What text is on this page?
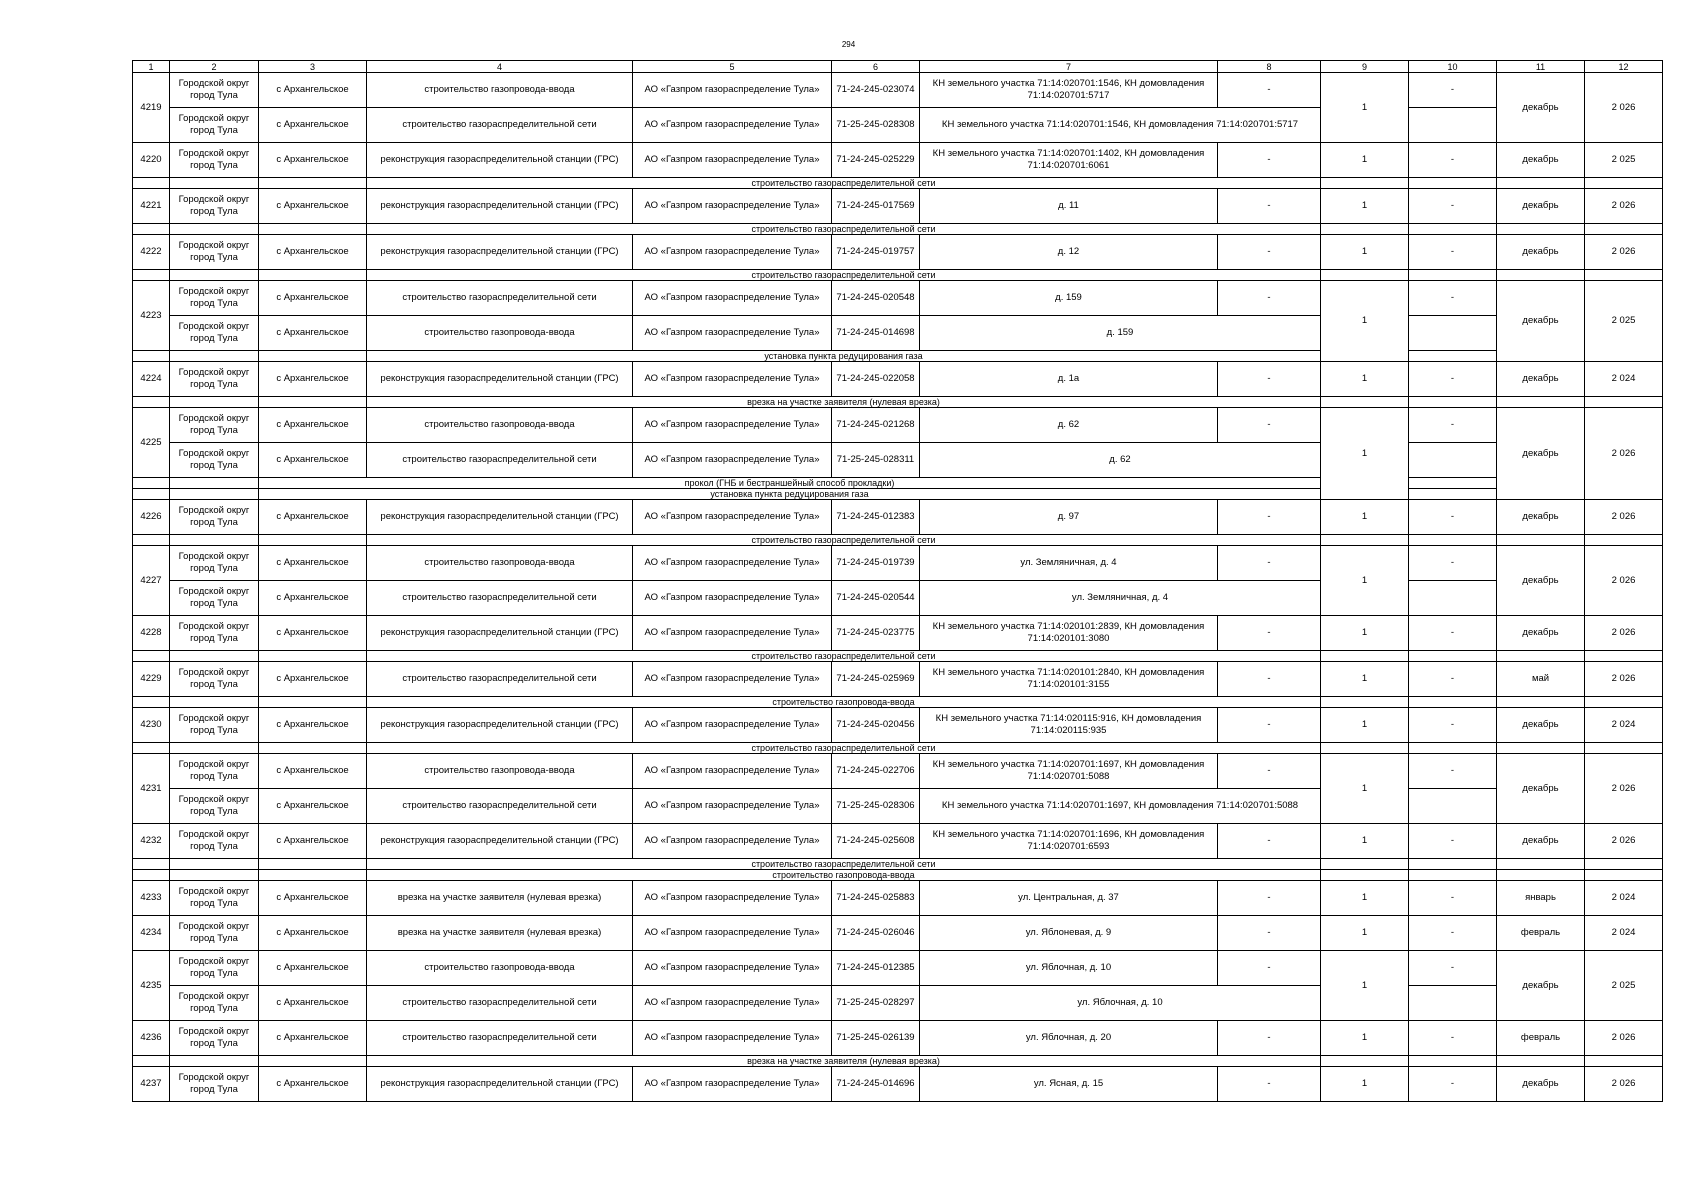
294
1	2	3	4	5	6	7	8	9	10	11	12
4219	Городской округ город Тула	с Архангельское	строительство газопровода-ввода	АО «Газпром газораспределение Тула»	71-24-245-023074	КН земельного участка 71:14:020701:1546, КН домовладения 71:14:020701:5717	-	1	-	декабрь	2 026
	Городской округ город Тула	с Архангельское	строительство газораспределительной сети	АО «Газпром газораспределение Тула»	71-25-245-028308	КН земельного участка 71:14:020701:1546, КН домовладения 71:14:020701:5717					
4220	Городской округ город Тула	с Архангельское	реконструкция газораспределительной станции (ГРС)	АО «Газпром газораспределение Тула»	71-24-245-025229	КН земельного участка 71:14:020701:1402, КН домовладения 71:14:020701:6061	-	1	-	декабрь	2 025
			строительство газораспределительной сети								
4221	Городской округ город Тула	с Архангельское	реконструкция газораспределительной станции (ГРС)	АО «Газпром газораспределение Тула»	71-24-245-017569	д. 11	-	1	-	декабрь	2 026
			строительство газораспределительной сети								
4222	Городской округ город Тула	с Архангельское	реконструкция газораспределительной станции (ГРС)	АО «Газпром газораспределение Тула»	71-24-245-019757	д. 12	-	1	-	декабрь	2 026
			строительство газораспределительной сети								
4223	Городской округ город Тула	с Архангельское	строительство газораспределительной сети	АО «Газпром газораспределение Тула»	71-24-245-020548	д. 159	-	1	-	декабрь	2 025
	Городской округ город Тула	с Архангельское	строительство газопровода-ввода	АО «Газпром газораспределение Тула»	71-24-245-014698	д. 159					
			установка пункта редуцирования газа								
4224	Городской округ город Тула	с Архангельское	реконструкция газораспределительной станции (ГРС)	АО «Газпром газораспределение Тула»	71-24-245-022058	д. 1а	-	1	-	декабрь	2 024
			врезка на участке заявителя (нулевая врезка)								
4225	Городской округ город Тула	с Архангельское	строительство газопровода-ввода	АО «Газпром газораспределение Тула»	71-24-245-021268	д. 62	-	1	-	декабрь	2 026
	Городской округ город Тула	с Архангельское	строительство газораспределительной сети	АО «Газпром газораспределение Тула»	71-25-245-028311	д. 62					
		прокол (ГНБ и бестраншейный способ прокладки)									
		установка пункта редуцирования газа									
4226	Городской округ город Тула	с Архангельское	реконструкция газораспределительной станции (ГРС)	АО «Газпром газораспределение Тула»	71-24-245-012383	д. 97	-	1	-	декабрь	2 026
			строительство газораспределительной сети								
4227	Городской округ город Тула	с Архангельское	строительство газопровода-ввода	АО «Газпром газораспределение Тула»	71-24-245-019739	ул. Земляничная, д. 4	-	1	-	декабрь	2 026
	Городской округ город Тула	с Архангельское	строительство газораспределительной сети	АО «Газпром газораспределение Тула»	71-24-245-020544	ул. Земляничная, д. 4					
4228	Городской округ город Тула	с Архангельское	реконструкция газораспределительной станции (ГРС)	АО «Газпром газораспределение Тула»	71-24-245-023775	КН земельного участка 71:14:020101:2839, КН домовладения 71:14:020101:3080	-	1	-	декабрь	2 026
			строительство газораспределительной сети								
4229	Городской округ город Тула	с Архангельское	строительство газораспределительной сети	АО «Газпром газораспределение Тула»	71-24-245-025969	КН земельного участка 71:14:020101:2840, КН домовладения 71:14:020101:3155	-	1	-	май	2 026
			строительство газопровода-ввода								
4230	Городской округ город Тула	с Архангельское	реконструкция газораспределительной станции (ГРС)	АО «Газпром газораспределение Тула»	71-24-245-020456	КН земельного участка 71:14:020115:916, КН домовладения 71:14:020115:935	-	1	-	декабрь	2 024
			строительство газораспределительной сети								
4231	Городской округ город Тула	с Архангельское	строительство газопровода-ввода	АО «Газпром газораспределение Тула»	71-24-245-022706	КН земельного участка 71:14:020701:1697, КН домовладения 71:14:020701:5088	-	1	-	декабрь	2 026
	Городской округ город Тула	с Архангельское	строительство газораспределительной сети	АО «Газпром газораспределение Тула»	71-25-245-028306	КН земельного участка 71:14:020701:1697, КН домовладения 71:14:020701:5088					
4232	Городской округ город Тула	с Архангельское	реконструкция газораспределительной станции (ГРС)	АО «Газпром газораспределение Тула»	71-24-245-025608	КН земельного участка 71:14:020701:1696, КН домовладения 71:14:020701:6593	-	1	-	декабрь	2 026
			строительство газораспределительной сети								
			строительство газопровода-ввода								
4233	Городской округ город Тула	с Архангельское	врезка на участке заявителя (нулевая врезка)	АО «Газпром газораспределение Тула»	71-24-245-025883	ул. Центральная, д. 37	-	1	-	январь	2 024
4234	Городской округ город Тула	с Архангельское	врезка на участке заявителя (нулевая врезка)	АО «Газпром газораспределение Тула»	71-24-245-026046	ул. Яблоневая, д. 9	-	1	-	февраль	2 024
4235	Городской округ город Тула	с Архангельское	строительство газопровода-ввода	АО «Газпром газораспределение Тула»	71-24-245-012385	ул. Яблочная, д. 10	-	1	-	декабрь	2 025
	Городской округ город Тула	с Архангельское	строительство газораспределительной сети	АО «Газпром газораспределение Тула»	71-25-245-028297	ул. Яблочная, д. 10					
4236	Городской округ город Тула	с Архангельское	строительство газораспределительной сети	АО «Газпром газораспределение Тула»	71-25-245-026139	ул. Яблочная, д. 20	-	1	-	февраль	2 026
			врезка на участке заявителя (нулевая врезка)								
4237	Городской округ город Тула	с Архангельское	реконструкция газораспределительной станции (ГРС)	АО «Газпром газораспределение Тула»	71-24-245-014696	ул. Ясная, д. 15	-	1	-	декабрь	2 026
